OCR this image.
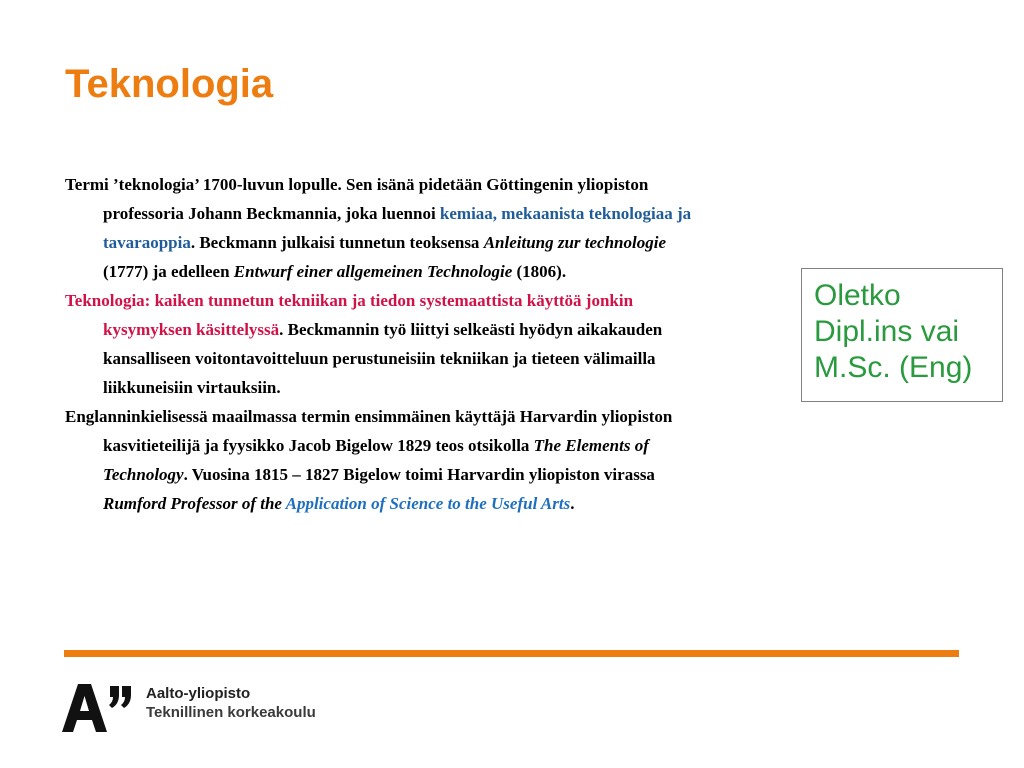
Teknologia

Termi ’teknologia’ 1700-luvun lopulle. Sen isänä pidetään Göttingenin yliopiston professoria Johann Beckmannia, joka luennoi kemiaa, mekaanista teknologiaa ja tavaraoppia. Beckmann julkaisi tunnetun teoksensa Anleitung zur technologie (1777) ja edelleen Entwurf einer allgemeinen Technologie (1806).

Teknologia: kaiken tunnetun tekniikan ja tiedon systemaattista käyttöä jonkin kysymyksen käsittelyssä. Beckmannin työ liittyi selkeästi hyödyn aikakauden kansalliseen voitontavoitteluun perustuneisiin tekniikan ja tieteen välimailla liikkuneisiin virtauksiin.

Englanninkielisessä maailmassa termin ensimmäinen käyttäjä Harvardin yliopiston kasvitieteilijä ja fyysikko Jacob Bigelow 1829 teos otsikolla The Elements of Technology. Vuosina 1815 – 1827 Bigelow toimi Harvardin yliopiston virassa Rumford Professor of the Application of Science to the Useful Arts.

Oletko
Dipl.ins vai
M.Sc. (Eng)
Aalto-yliopisto
Teknillinen korkeakoulu
